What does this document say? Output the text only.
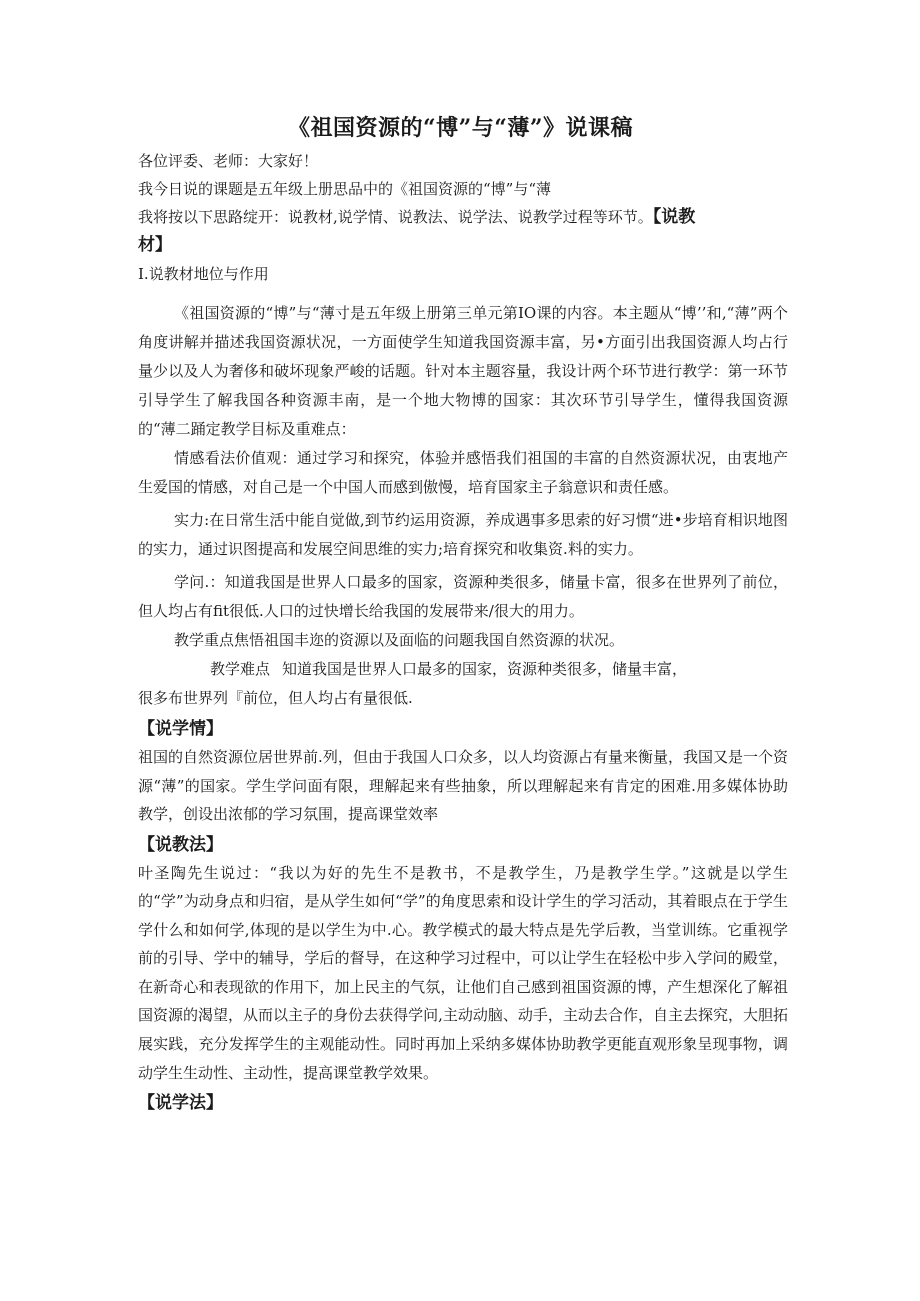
《祖国资源的“博”与“薄”》说课稿

各位评委、老师：大家好！

我今日说的课题是五年级上册思品中的《祖国资源的“博”与“薄

我将按以下思路绽开：说教材,说学情、说教法、说学法、说教学过程等环节。【说教

材】

I.说教材地位与作用

《祖国资源的“博”与“薄寸是五年级上册第三单元第IO课的内容。本主题从“博’’和,“薄”两个角度讲解并描述我国资源状况，一方面使学生知道我国资源丰富，另•方面引出我国资源人均占行量少以及人为奢侈和破坏现象严峻的话题。针对本主题容量，我设计两个环节进行教学：第一环节引导学生了解我国各种资源丰南，是一个地大物博的国家：其次环节引导学生，懂得我国资源的“薄二踊定教学目标及重难点：

情感看法价值观：通过学习和探究，体验并感悟我们祖国的丰富的自然资源状况，由衷地产生爱国的情感，对自己是一个中国人而感到傲慢，培育国家主子翁意识和责任感。

实力:在日常生活中能自觉做,到节约运用资源，养成遇事多思索的好习惯“进•步培育相识地图的实力，通过识图提高和发展空间思维的实力;培育探究和收集资.料的实力。

学问.：知道我国是世界人口最多的国家，资源种类很多，储量卡富，很多在世界列了前位，但人均占有fit很低.人口的过快增长给我国的发展带来/很大的用力。

教学重点焦悟祖国丰迩的资源以及面临的问题我国自然资源的状况。

教学难点 知道我国是世界人口最多的国家，资源种类很多，储量丰富，

很多布世界列『前位，但人均占有量很低.

【说学情】

祖国的自然资源位居世界前.列，但由于我国人口众多，以人均资源占有量来衡量，我国又是一个资源“薄”的国家。学生学问面有限，理解起来有些抽象，所以理解起来有肯定的困难.用多媒体协助教学，创设出浓郁的学习氛围，提高课堂效率

【说教法】

叶圣陶先生说过：“我以为好的先生不是教书，不是教学生，乃是教学生学。”这就是以学生的“学”为动身点和归宿，是从学生如何“学”的角度思索和设计学生的学习活动，其着眼点在于学生学什么和如何学,体现的是以学生为中.心。教学模式的最大特点是先学后教，当堂训练。它重视学前的引导、学中的辅导，学后的督导，在这种学习过程中，可以让学生在轻松中步入学问的殿堂，在新奇心和表现欲的作用下，加上民主的气氛，让他们自己感到祖国资源的博，产生想深化了解祖国资源的渴望，从而以主子的身份去获得学问,主动动脑、动手，主动去合作，自主去探究，大胆拓展实践，充分发挥学生的主观能动性。同时再加上采纳多媒体协助教学更能直观形象呈现事物，调动学生生动性、主动性，提高课堂教学效果。

【说学法】
